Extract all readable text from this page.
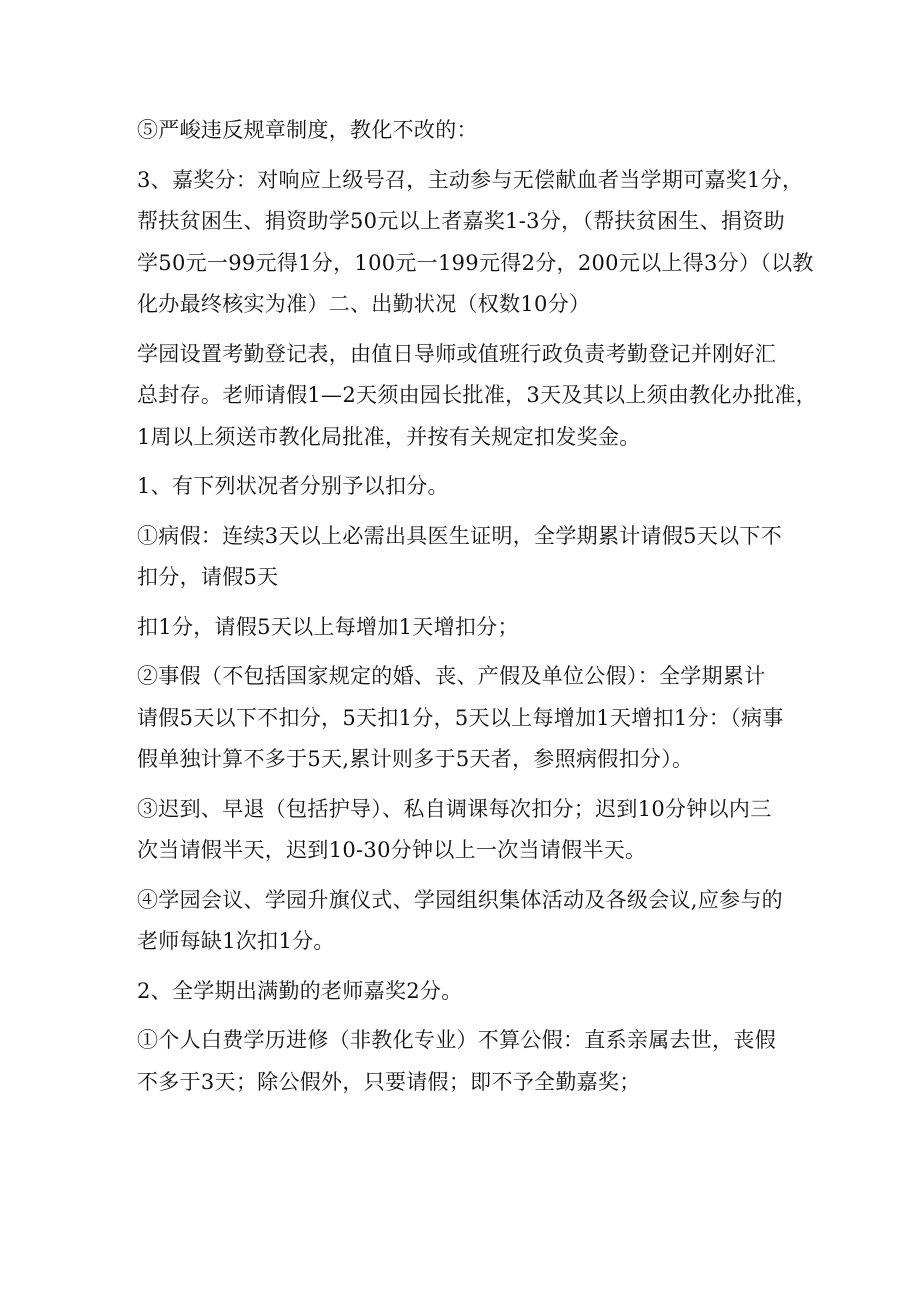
⑤严峻违反规章制度，教化不改的：

3、嘉奖分：对响应上级号召，主动参与无偿献血者当学期可嘉奖1分，
帮扶贫困生、捐资助学50元以上者嘉奖1-3分，（帮扶贫困生、捐资助
学50元一99元得1分，100元一199元得2分，200元以上得3分）（以教
化办最终核实为准）二、出勤状况（权数10分）

学园设置考勤登记表，由值日导师或值班行政负责考勤登记并刚好汇
总封存。老师请假1—2天须由园长批准，3天及其以上须由教化办批准，
1周以上须送市教化局批准，并按有关规定扣发奖金。

1、有下列状况者分别予以扣分。

①病假：连续3天以上必需出具医生证明，全学期累计请假5天以下不
扣分，请假5天

扣1分，请假5天以上每增加1天增扣分；

②事假（不包括国家规定的婚、丧、产假及单位公假）：全学期累计
请假5天以下不扣分，5天扣1分，5天以上每增加1天增扣1分：（病事
假单独计算不多于5天,累计则多于5天者，参照病假扣分）。

③迟到、早退（包括护导）、私自调课每次扣分；迟到10分钟以内三
次当请假半天，迟到10-30分钟以上一次当请假半天。

④学园会议、学园升旗仪式、学园组织集体活动及各级会议,应参与的
老师每缺1次扣1分。

2、全学期出满勤的老师嘉奖2分。

①个人白费学历进修（非教化专业）不算公假：直系亲属去世，丧假
不多于3天；除公假外，只要请假；即不予全勤嘉奖；
